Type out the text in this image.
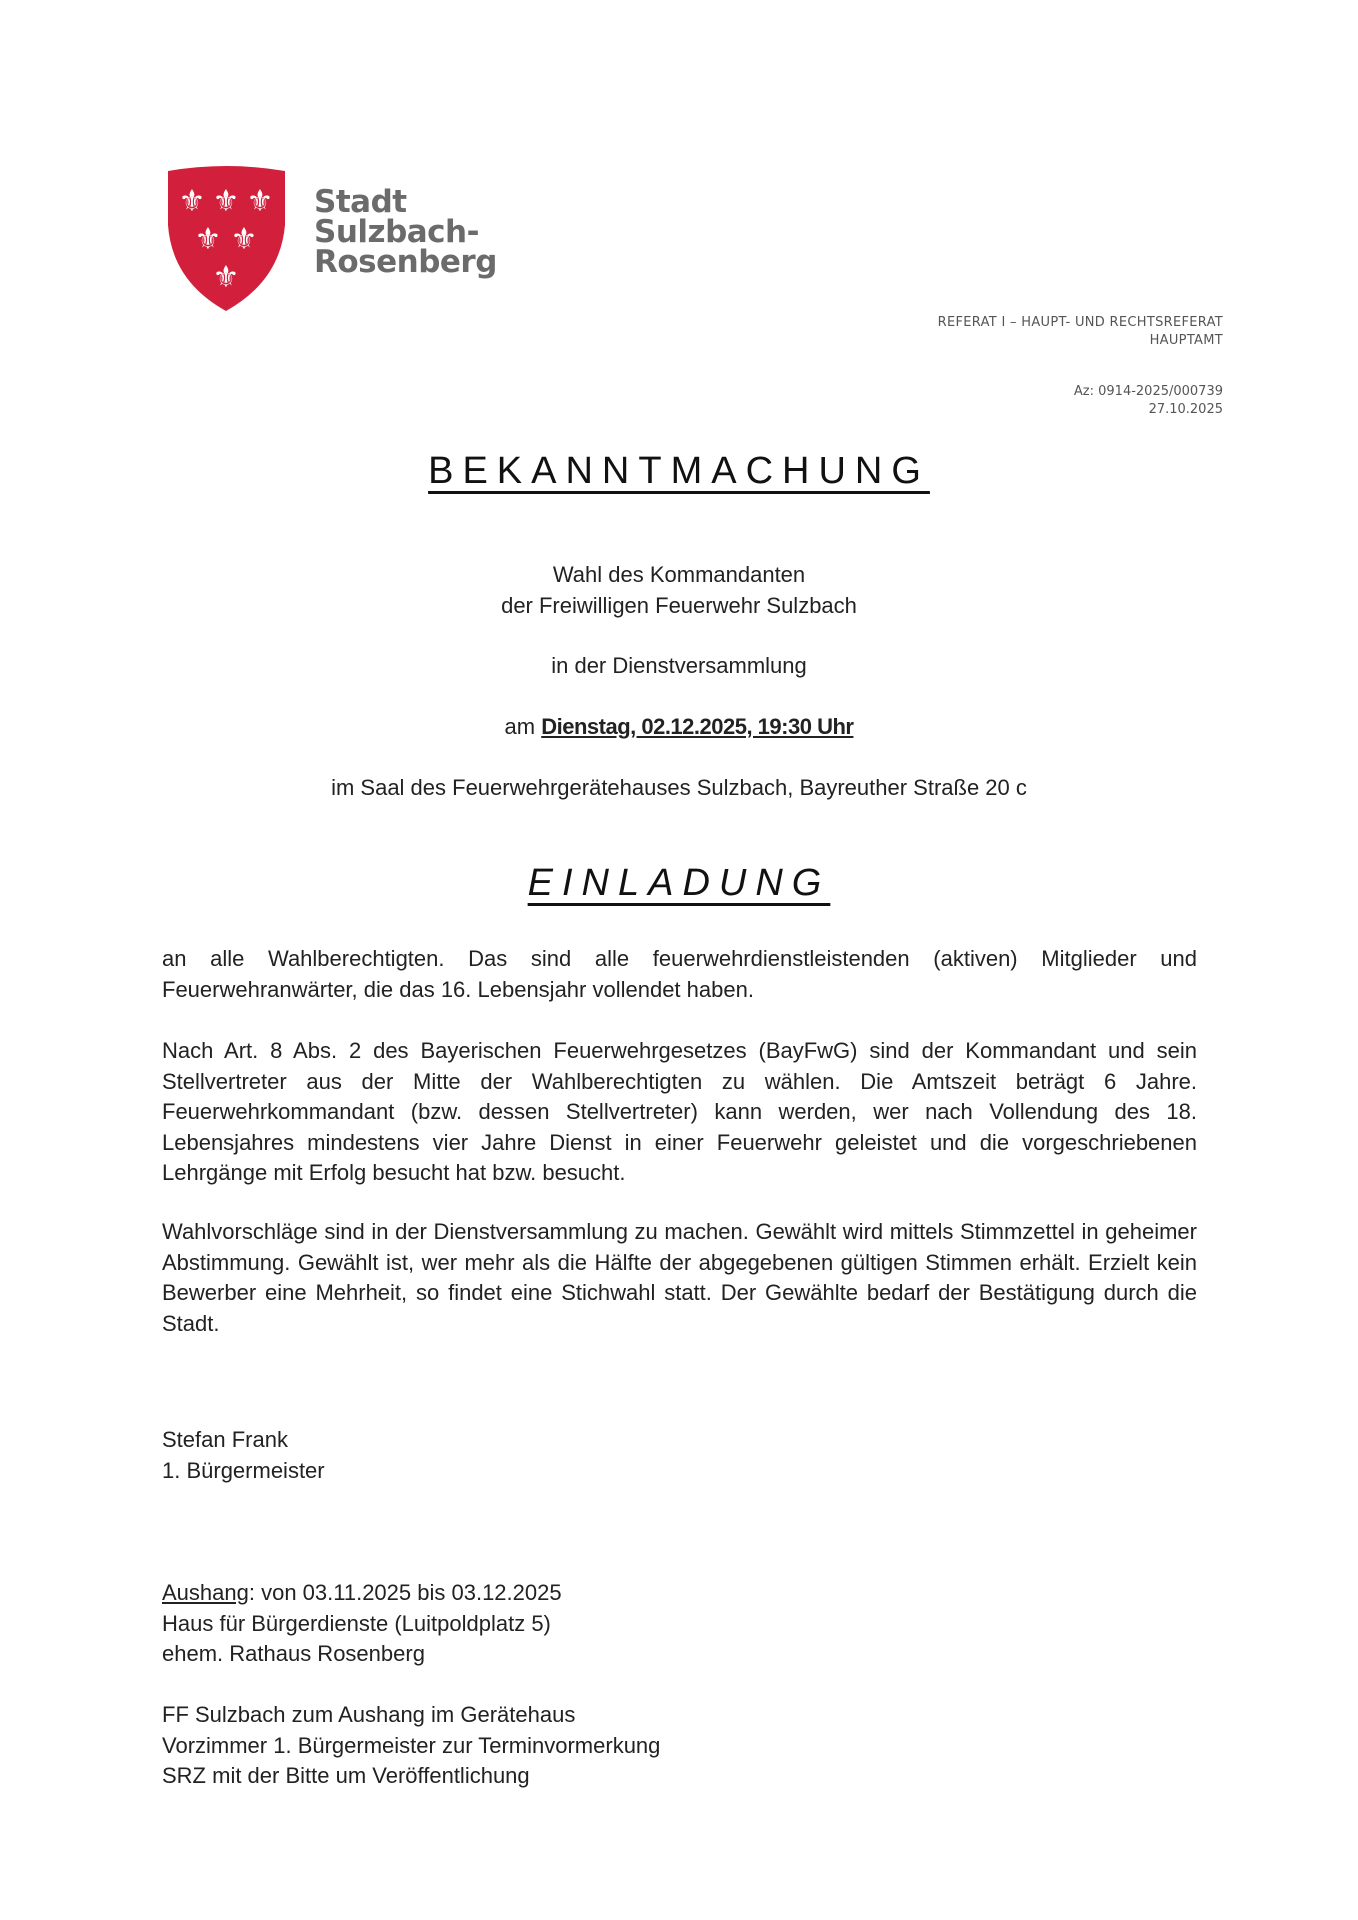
⚜ ⚜ ⚜
⚜ ⚜
⚜
Stadt
Sulzbach-
Rosenberg
REFERAT I – HAUPT- UND RECHTSREFERAT
HAUPTAMT
Az: 0914-2025/000739
27.10.2025
BEKANNTMACHUNG
Wahl des Kommandanten
der Freiwilligen Feuerwehr Sulzbach
in der Dienstversammlung
am Dienstag, 02.12.2025, 19:30 Uhr
im Saal des Feuerwehrgerätehauses Sulzbach, Bayreuther Straße 20 c
EINLADUNG
an alle Wahlberechtigten. Das sind alle feuerwehrdienstleistenden (aktiven) Mitglieder und Feuerwehranwärter, die das 16. Lebensjahr vollendet haben.
Nach Art. 8 Abs. 2 des Bayerischen Feuerwehrgesetzes (BayFwG) sind der Kommandant und sein Stellvertreter aus der Mitte der Wahlberechtigten zu wählen. Die Amtszeit beträgt 6 Jahre. Feuerwehrkommandant (bzw. dessen Stellvertreter) kann werden, wer nach Vollendung des 18. Lebensjahres mindestens vier Jahre Dienst in einer Feuerwehr geleistet und die vorgeschriebenen Lehrgänge mit Erfolg besucht hat bzw. besucht.
Wahlvorschläge sind in der Dienstversammlung zu machen. Gewählt wird mittels Stimmzettel in geheimer Abstimmung. Gewählt ist, wer mehr als die Hälfte der abgegebenen gültigen Stimmen erhält. Erzielt kein Bewerber eine Mehrheit, so findet eine Stichwahl statt. Der Gewählte bedarf der Bestätigung durch die Stadt.
Stefan Frank
1. Bürgermeister
Aushang: von 03.11.2025 bis 03.12.2025
Haus für Bürgerdienste (Luitpoldplatz 5)
ehem. Rathaus Rosenberg
FF Sulzbach zum Aushang im Gerätehaus
Vorzimmer 1. Bürgermeister zur Terminvormerkung
SRZ mit der Bitte um Veröffentlichung
